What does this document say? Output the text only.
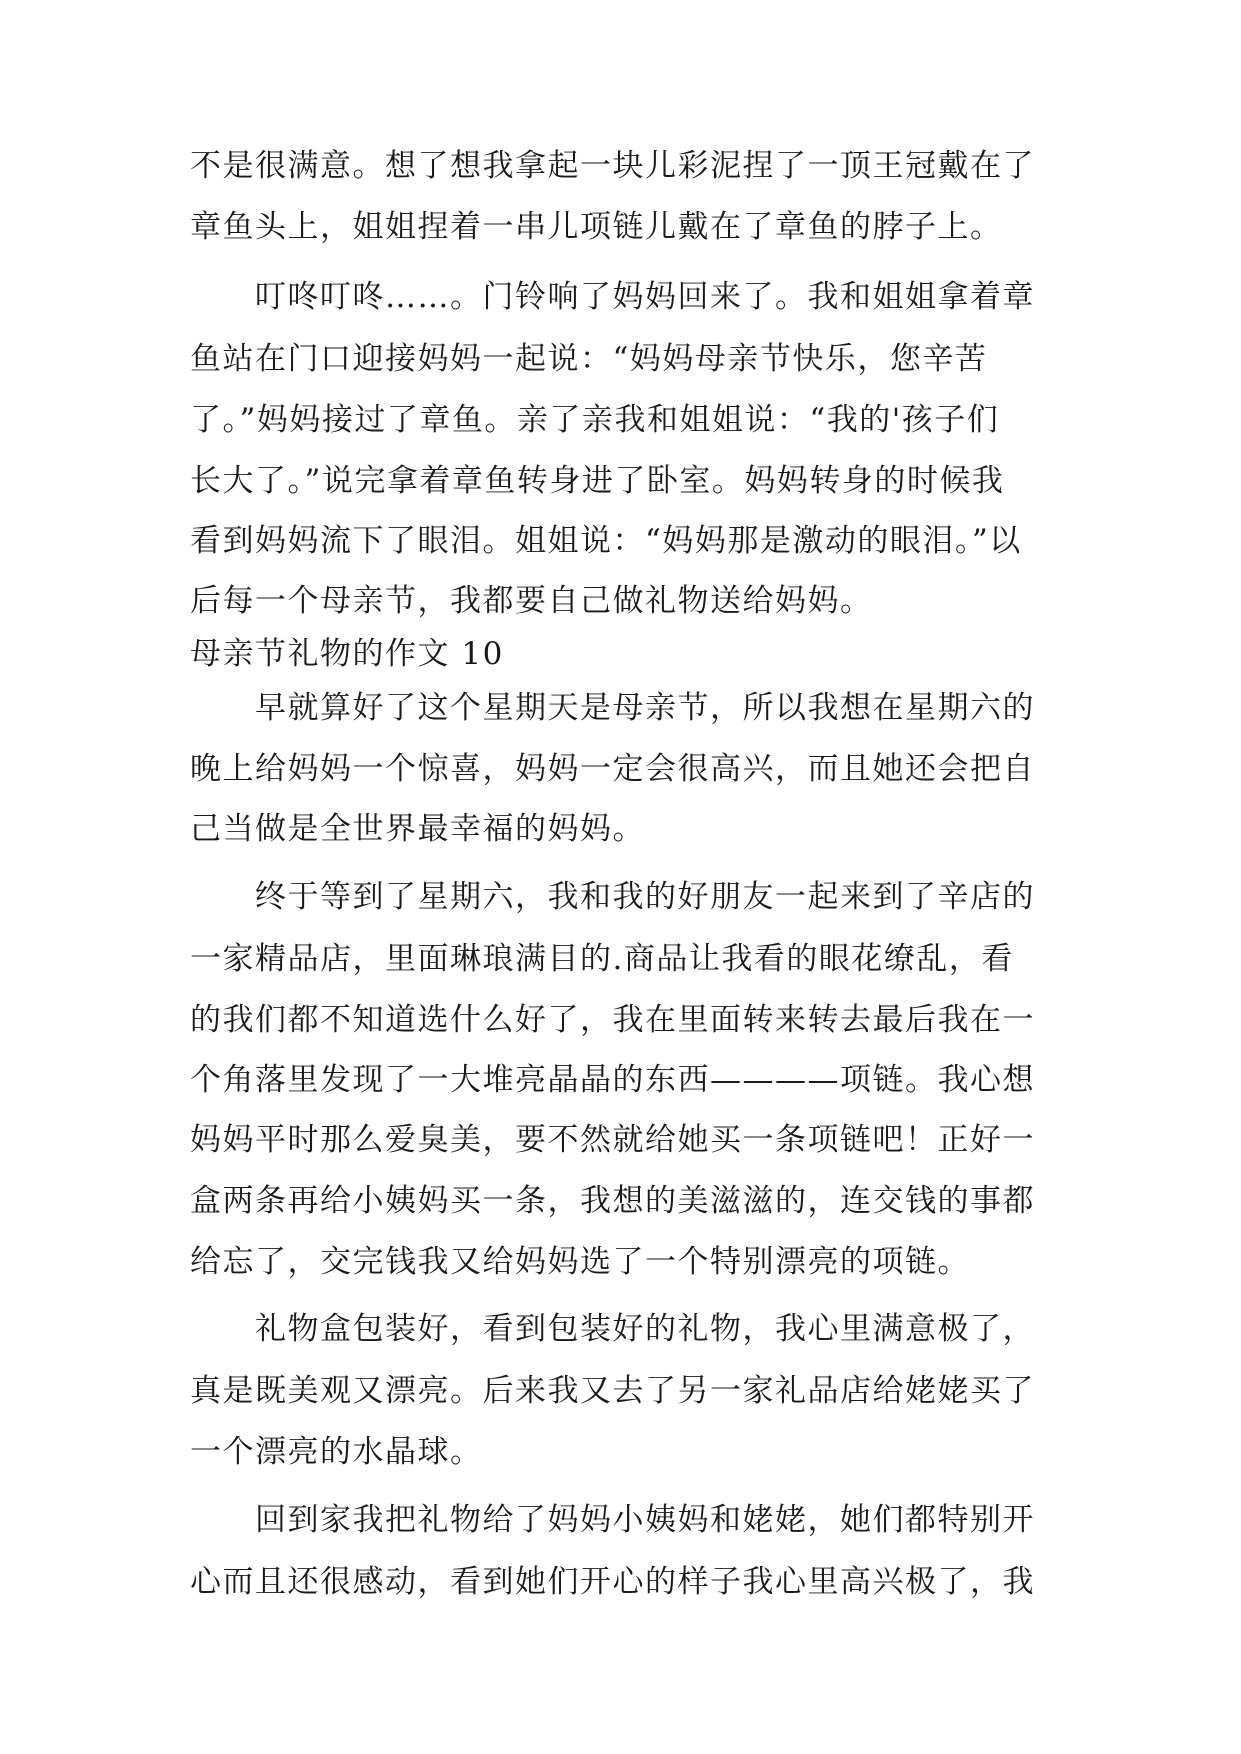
不是很满意。想了想我拿起一块儿彩泥捏了一顶王冠戴在了
章鱼头上，姐姐捏着一串儿项链儿戴在了章鱼的脖子上。
　　叮咚叮咚……。门铃响了妈妈回来了。我和姐姐拿着章
鱼站在门口迎接妈妈一起说：“妈妈母亲节快乐，您辛苦
了。”妈妈接过了章鱼。亲了亲我和姐姐说：“我的'孩子们
长大了。”说完拿着章鱼转身进了卧室。妈妈转身的时候我
看到妈妈流下了眼泪。姐姐说：“妈妈那是激动的眼泪。”以
后每一个母亲节，我都要自己做礼物送给妈妈。
母亲节礼物的作文 10
　　早就算好了这个星期天是母亲节，所以我想在星期六的
晚上给妈妈一个惊喜，妈妈一定会很高兴，而且她还会把自
己当做是全世界最幸福的妈妈。
　　终于等到了星期六，我和我的好朋友一起来到了辛店的
一家精品店，里面琳琅满目的.商品让我看的眼花缭乱，看
的我们都不知道选什么好了，我在里面转来转去最后我在一
个角落里发现了一大堆亮晶晶的东西————项链。我心想
妈妈平时那么爱臭美，要不然就给她买一条项链吧！正好一
盒两条再给小姨妈买一条，我想的美滋滋的，连交钱的事都
给忘了，交完钱我又给妈妈选了一个特别漂亮的项链。
　　礼物盒包装好，看到包装好的礼物，我心里满意极了，
真是既美观又漂亮。后来我又去了另一家礼品店给姥姥买了
一个漂亮的水晶球。
　　回到家我把礼物给了妈妈小姨妈和姥姥，她们都特别开
心而且还很感动，看到她们开心的样子我心里高兴极了，我
